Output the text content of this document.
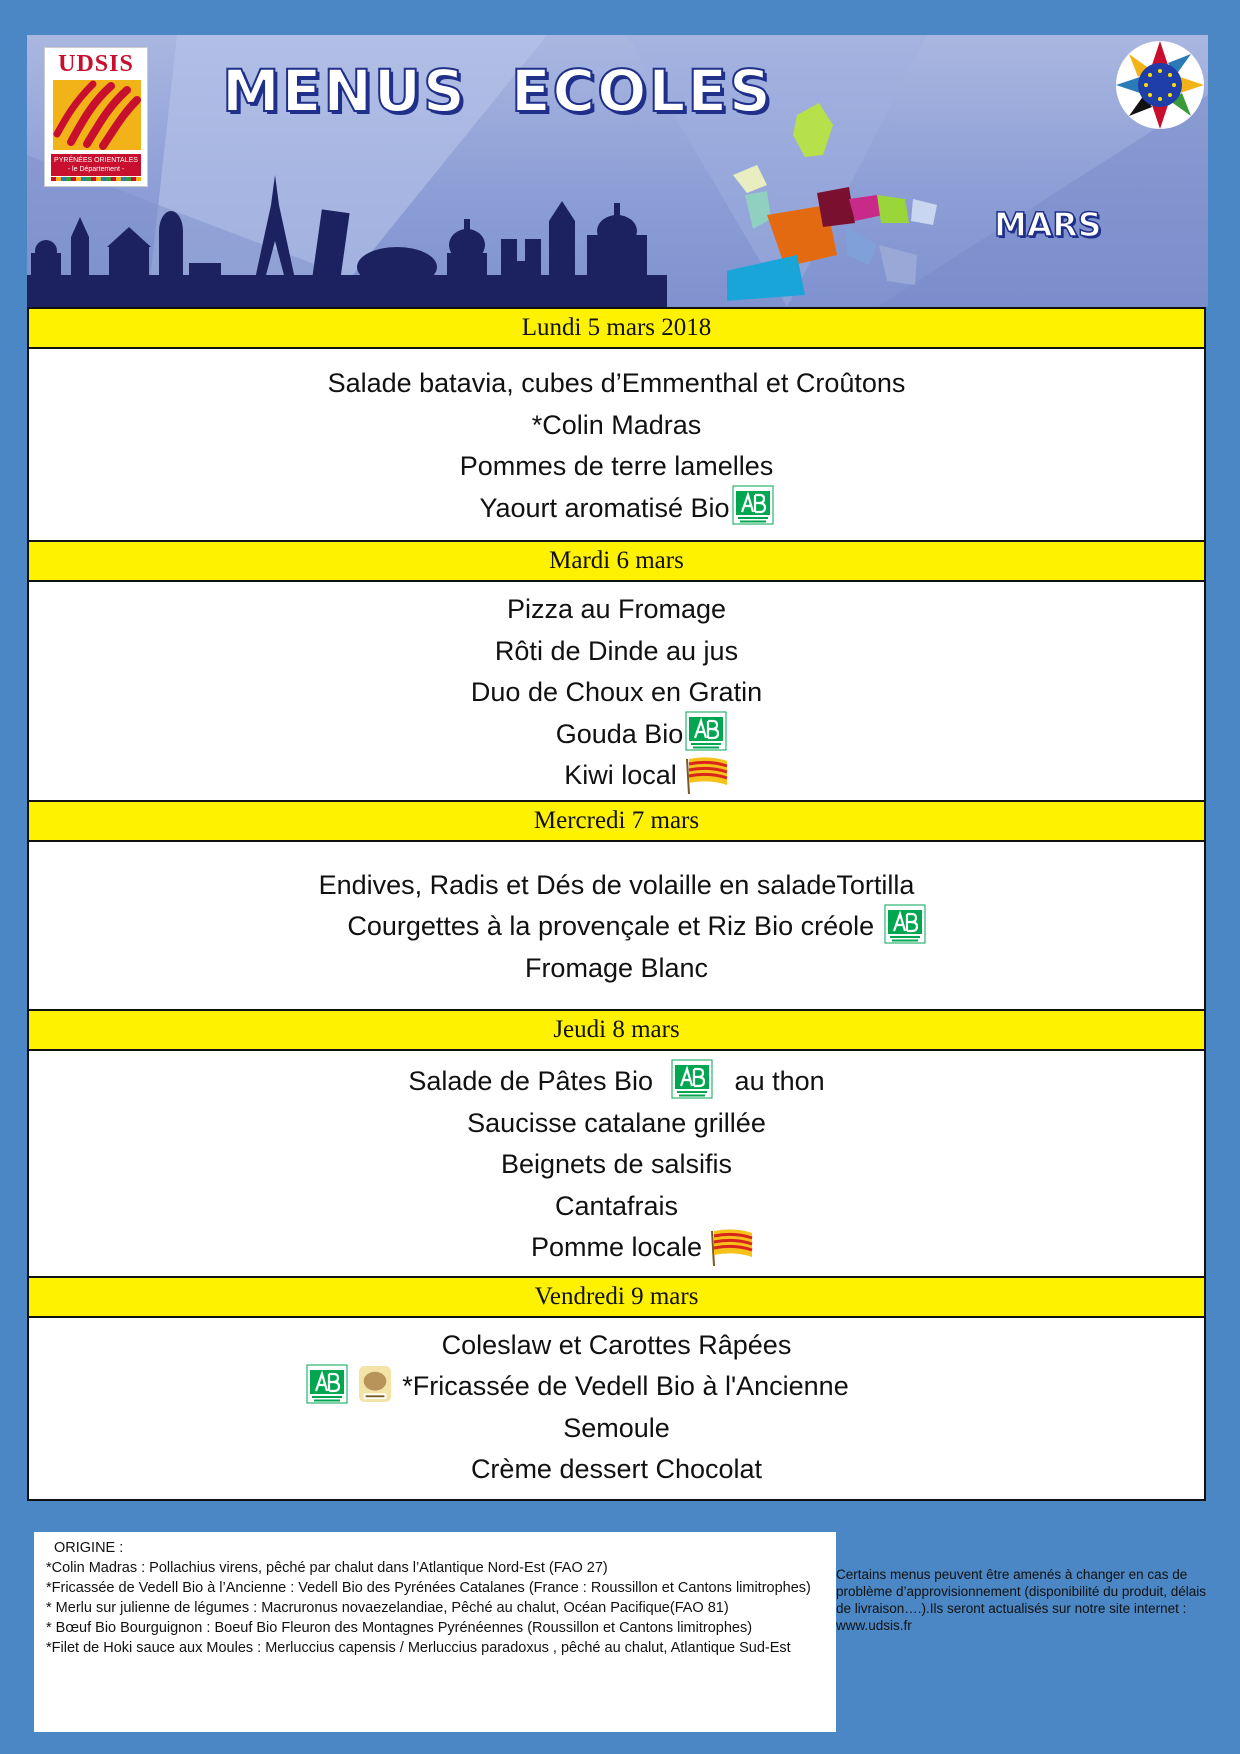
UDSIS
PYRÉNÉES ORIENTALES
- le Département -
MENUS ECOLES
MARS
Lundi 5 mars 2018
Salade batavia, cubes d’Emmenthal et Croûtons
*Colin Madras
Pommes de terre lamelles
Yaourt aromatisé Bio
Mardi 6 mars
Pizza au Fromage
Rôti de Dinde au jus
Duo de Choux en Gratin
Gouda Bio
Kiwi local
Mercredi 7 mars
Endives, Radis et Dés de volaille en saladeTortilla
Courgettes à la provençale et Riz Bio créole
Fromage Blanc
Jeudi 8 mars
Salade de Pâtes Bio	au thon
Saucisse catalane grillée
Beignets de salsifis
Cantafrais
Pomme locale
Vendredi 9 mars
Coleslaw et Carottes Râpées
*Fricassée de Vedell Bio à l'Ancienne
Semoule
Crème dessert Chocolat
ORIGINE :
*Colin Madras : Pollachius virens, pêché par chalut dans l’Atlantique Nord-Est (FAO 27)
*Fricassée de Vedell Bio à l’Ancienne : Vedell Bio des Pyrénées Catalanes (France : Roussillon et Cantons limitrophes)
* Merlu sur julienne de légumes : Macruronus novaezelandiae, Pêché au chalut, Océan Pacifique(FAO 81)
* Bœuf Bio Bourguignon : Boeuf Bio Fleuron des Montagnes Pyrénéennes (Roussillon et Cantons limitrophes)
*Filet de Hoki sauce aux Moules : Merluccius capensis / Merluccius paradoxus , pêché au chalut, Atlantique Sud-Est
Certains menus peuvent être amenés à changer en cas de problème d’approvisionnement (disponibilité du produit, délais de livraison….).Ils seront actualisés sur notre site internet : www.udsis.fr
